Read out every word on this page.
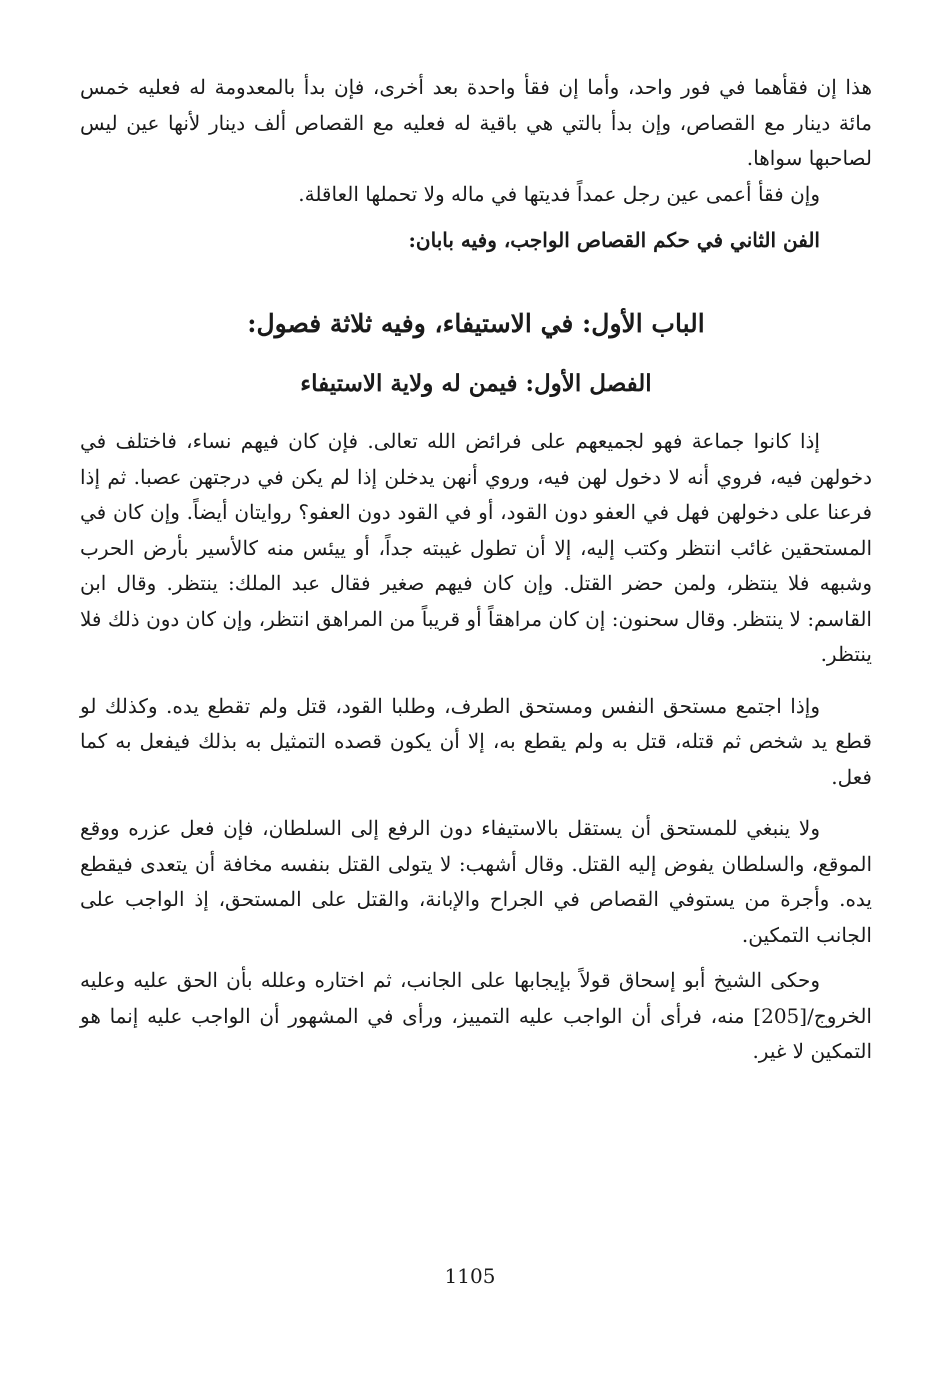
هذا إن فقأهما في فور واحد، وأما إن فقأ واحدة بعد أخرى، فإن بدأ بالمعدومة له فعليه خمس مائة دينار مع القصاص، وإن بدأ بالتي هي باقية له فعليه مع القصاص ألف دينار لأنها عين ليس لصاحبها سواها.

وإن فقأ أعمى عين رجل عمداً فديتها في ماله ولا تحملها العاقلة.

الفن الثاني في حكم القصاص الواجب، وفيه بابان:
الباب الأول: في الاستيفاء، وفيه ثلاثة فصول:
الفصل الأول: فيمن له ولاية الاستيفاء

إذا كانوا جماعة فهو لجميعهم على فرائض الله تعالى. فإن كان فيهم نساء، فاختلف في دخولهن فيه، فروي أنه لا دخول لهن فيه، وروي أنهن يدخلن إذا لم يكن في درجتهن عصبا. ثم إذا فرعنا على دخولهن فهل في العفو دون القود، أو في القود دون العفو؟ روايتان أيضاً. وإن كان في المستحقين غائب انتظر وكتب إليه، إلا أن تطول غيبته جداً، أو ييئس منه كالأسير بأرض الحرب وشبهه فلا ينتظر، ولمن حضر القتل. وإن كان فيهم صغير فقال عبد الملك: ينتظر. وقال ابن القاسم: لا ينتظر. وقال سحنون: إن كان مراهقاً أو قريباً من المراهق انتظر، وإن كان دون ذلك فلا ينتظر.

وإذا اجتمع مستحق النفس ومستحق الطرف، وطلبا القود، قتل ولم تقطع يده. وكذلك لو قطع يد شخص ثم قتله، قتل به ولم يقطع به، إلا أن يكون قصده التمثيل به بذلك فيفعل به كما فعل.

ولا ينبغي للمستحق أن يستقل بالاستيفاء دون الرفع إلى السلطان، فإن فعل عزره ووقع الموقع، والسلطان يفوض إليه القتل. وقال أشهب: لا يتولى القتل بنفسه مخافة أن يتعدى فيقطع يده. وأجرة من يستوفي القصاص في الجراح والإبانة، والقتل على المستحق، إذ الواجب على الجانب التمكين.

وحكى الشيخ أبو إسحاق قولاً بإيجابها على الجانب، ثم اختاره وعلله بأن الحق عليه وعليه الخروج/[205] منه، فرأى أن الواجب عليه التمييز، ورأى في المشهور أن الواجب عليه إنما هو التمكين لا غير.

1105
